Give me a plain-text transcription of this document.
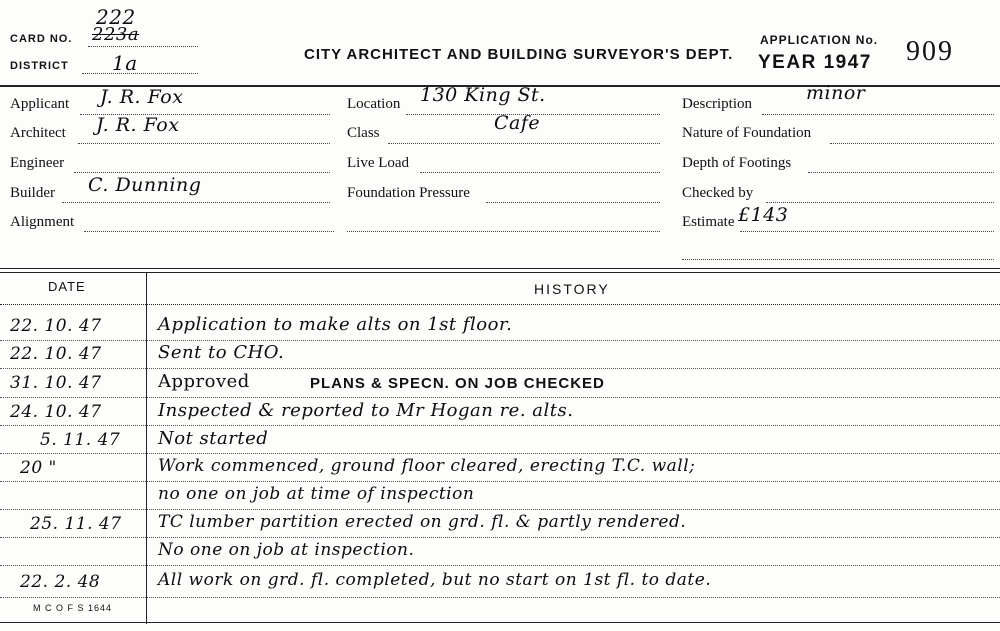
CARD NO.
222
223a
DISTRICT 1a	CITY ARCHITECT AND BUILDING SURVEYOR'S DEPT.
APPLICATION No.
YEAR 1947 909
Applicant J. R. Fox
Architect J. R. Fox
Engineer
Builder C. Dunning
Alignment
Location 130 King St.
Class	Cafe
Live Load
Foundation Pressure
Description	minor
Nature of Foundation
Depth of Footings
Checked by
Estimate £143
DATE	HISTORY
22. 10. 47	Application to make alts on 1st floor.
22. 10. 47	Sent to CHO.
31. 10. 47	Approved	PLANS & SPECN. ON JOB CHECKED
24. 10. 47	Inspected & reported to Mr Hogan re. alts.
5. 11. 47 Not started
20 "	Work commenced, ground floor cleared, erecting T.C. wall;
no one on job at time of inspection
25. 11. 47 TC lumber partition erected on grd. fl. & partly rendered.
No one on job at inspection.
22. 2. 48	All work on grd. fl. completed, but no start on 1st fl. to date.
M C O F S 1644
